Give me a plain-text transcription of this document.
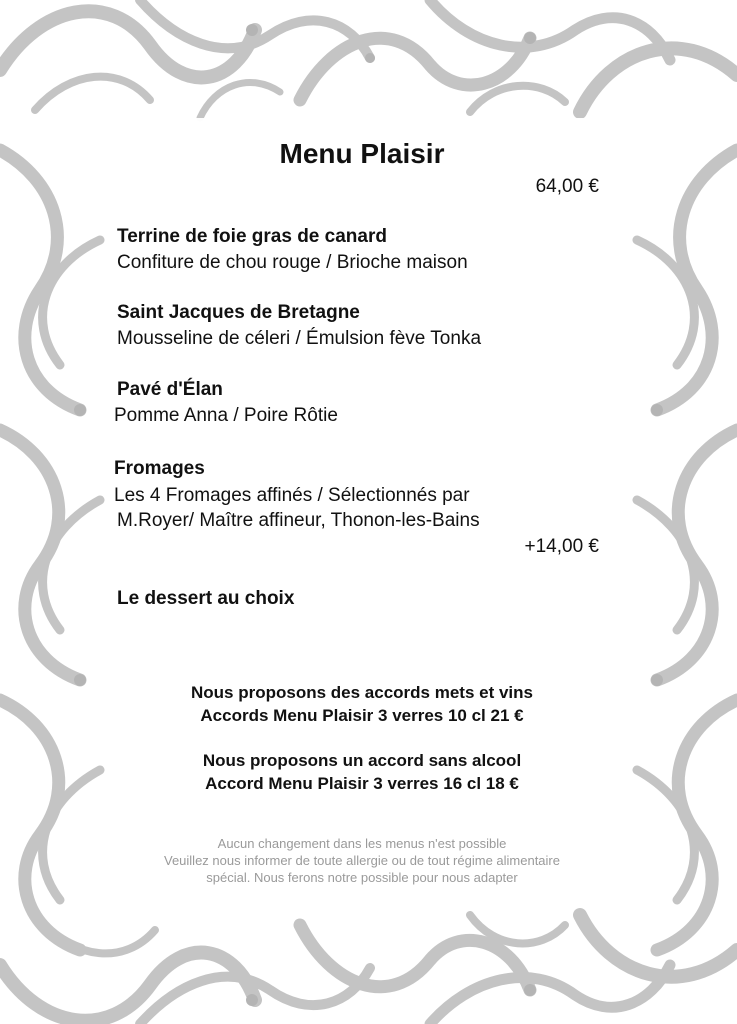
Menu Plaisir
64,00 €
Terrine de foie gras de canard
Confiture de chou rouge / Brioche maison
Saint Jacques de Bretagne
Mousseline de céleri / Émulsion fève Tonka
Pavé d'Élan
Pomme Anna / Poire Rôtie
Fromages
Les 4 Fromages affinés / Sélectionnés par
M.Royer/ Maître affineur, Thonon-les-Bains
+14,00 €
Le dessert au choix
Nous proposons des accords mets et vins
Accords Menu Plaisir 3 verres 10 cl 21 €
Nous proposons un accord sans alcool
Accord Menu Plaisir 3 verres 16 cl 18 €
Aucun changement dans les menus n'est possible
Veuillez nous informer de toute allergie ou de tout régime alimentaire
spécial. Nous ferons notre possible pour nous adapter
